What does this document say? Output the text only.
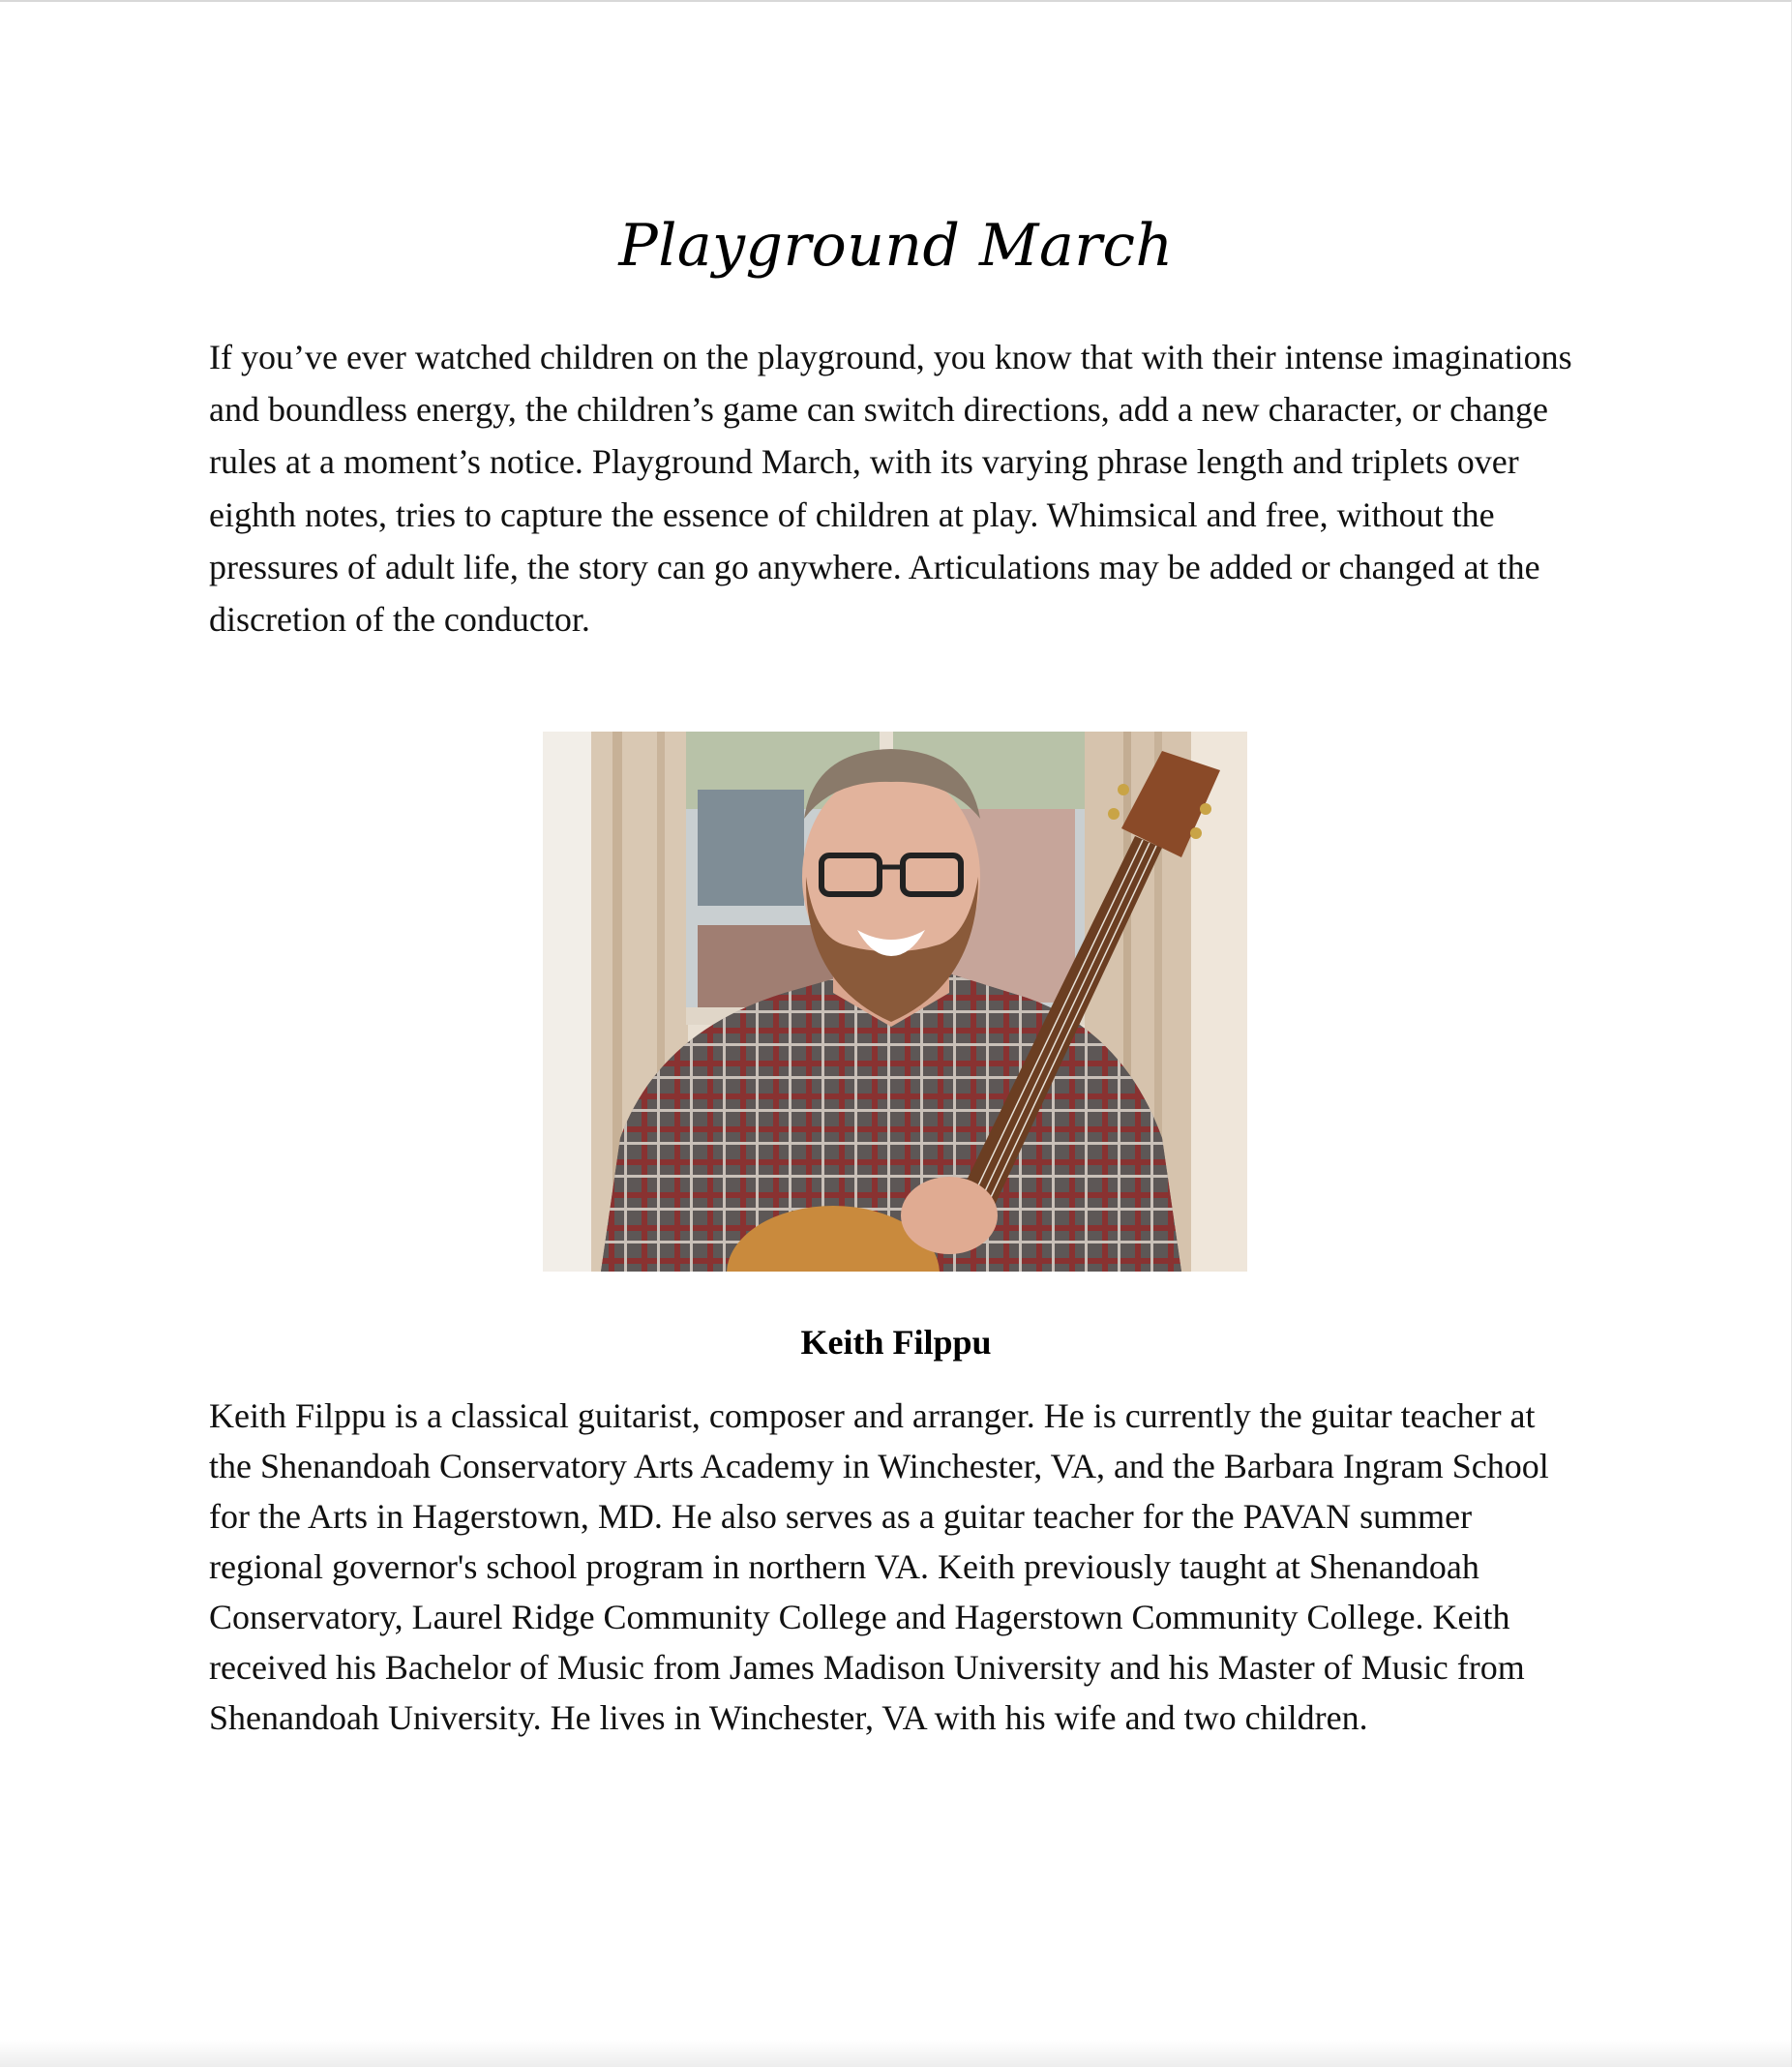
Playground March

If you’ve ever watched children on the playground, you know that with their intense imaginations and boundless energy, the children’s game can switch directions, add a new character, or change rules at a moment’s notice. Playground March, with its varying phrase length and triplets over eighth notes, tries to capture the essence of children at play. Whimsical and free, without the pressures of adult life, the story can go anywhere. Articulations may be added or changed at the discretion of the conductor.

Keith Filppu

Keith Filppu is a classical guitarist, composer and arranger. He is currently the guitar teacher at the Shenandoah Conservatory Arts Academy in Winchester, VA, and the Barbara Ingram School for the Arts in Hagerstown, MD. He also serves as a guitar teacher for the PAVAN summer regional governor's school program in northern VA. Keith previously taught at Shenandoah Conservatory, Laurel Ridge Community College and Hagerstown Community College. Keith received his Bachelor of Music from James Madison University and his Master of Music from Shenandoah University. He lives in Winchester, VA with his wife and two children.
